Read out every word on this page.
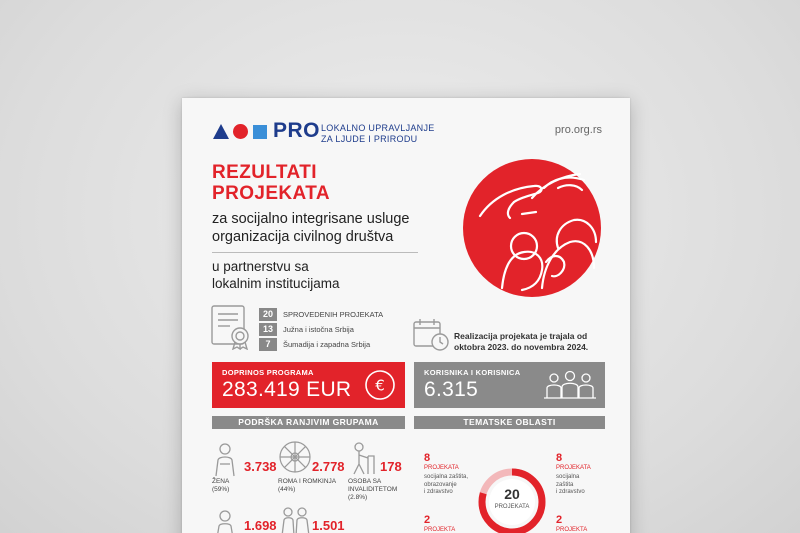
PRO LOKALNO UPRAVLJANJE
ZA LJUDE I PRIRODU
pro.org.rs
REZULTATI
PROJEKATA
za socijalno integrisane usluge
organizacija civilnog društva
u partnerstvu sa
lokalnim institucijama
20	SPROVEDENIH PROJEKATA
13	Južna i istočna Srbija
7	Šumadija i zapadna Srbija
Realizacija projekata je trajala od
oktobra 2023. do novembra 2024.
DOPRINOS PROGRAMA
283.419 EUR €
KORISNIKA I KORISNICA
6.315
PODRŠKA RANJIVIM GRUPAMA	TEMATSKE OBLASTI
3.738
ŽENA
(59%)
2.778
ROMA I ROMKINJA
(44%)
178
OSOBA SA
INVALIDITETOM
(2.8%)
1.698	1.501
8
PROJEKATA
socijalna zaštita,
obrazovanje
i zdravstvo
8
PROJEKATA
socijalna
zaštita
i zdravstvo
20
PROJEKATA
2
PROJEKTA
2
PROJEKTA
